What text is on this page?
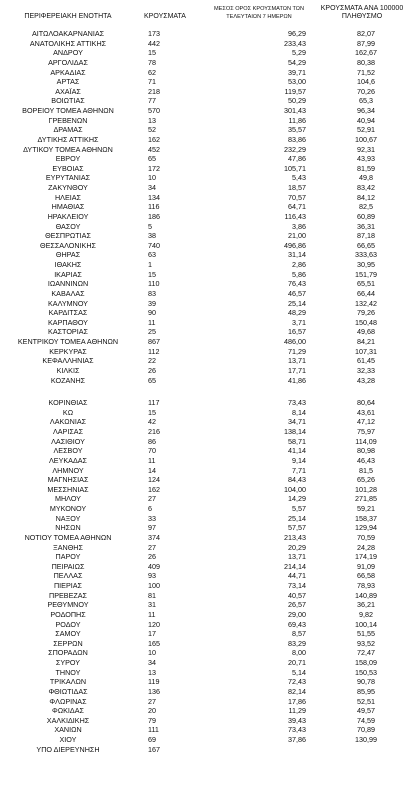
ΠΕΡΙΦΕΡΕΙΑΚΗ ΕΝΟΤΗΤΑ	ΚΡΟΥΣΜΑΤΑ
ΜΕΣΟΣ ΟΡΟΣ ΚΡΟΥΣΜΑΤΩΝ ΤΩΝ ΤΕΛΕΥΤΑΙΩΝ 7 ΗΜΕΡΩΝ
ΚΡΟΥΣΜΑΤΑ ΑΝΑ 100000 ΠΛΗΘΥΣΜΟ
ΑΙΤΩΛΟΑΚΑΡΝΑΝΙΑΣ	173	96,29	82,07
ΑΝΑΤΟΛΙΚΗΣ ΑΤΤΙΚΗΣ	442	233,43	87,99
ΑΝΔΡΟΥ	15	5,29	162,67
ΑΡΓΟΛΙΔΑΣ	78	54,29	80,38
ΑΡΚΑΔΙΑΣ	62	39,71	71,52
ΑΡΤΑΣ	71	53,00	104,6
ΑΧΑΪΑΣ	218	119,57	70,26
ΒΟΙΩΤΙΑΣ	77	50,29	65,3
ΒΟΡΕΙΟΥ ΤΟΜΕΑ ΑΘΗΝΩΝ	570	301,43	96,34
ΓΡΕΒΕΝΩΝ	13	11,86	40,94
ΔΡΑΜΑΣ	52	35,57	52,91
ΔΥΤΙΚΗΣ ΑΤΤΙΚΗΣ	162	83,86	100,67
ΔΥΤΙΚΟΥ ΤΟΜΕΑ ΑΘΗΝΩΝ	452	232,29	92,31
ΕΒΡΟΥ	65	47,86	43,93
ΕΥΒΟΙΑΣ	172	105,71	81,59
ΕΥΡΥΤΑΝΙΑΣ	10	5,43	49,8
ΖΑΚΥΝΘΟΥ	34	18,57	83,42
ΗΛΕΙΑΣ	134	70,57	84,12
ΗΜΑΘΙΑΣ	116	64,71	82,5
ΗΡΑΚΛΕΙΟΥ	186	116,43	60,89
ΘΑΣΟΥ	5	3,86	36,31
ΘΕΣΠΡΩΤΙΑΣ	38	21,00	87,18
ΘΕΣΣΑΛΟΝΙΚΗΣ	740	496,86	66,65
ΘΗΡΑΣ	63	31,14	333,63
ΙΘΑΚΗΣ	1	2,86	30,95
ΙΚΑΡΙΑΣ	15	5,86	151,79
ΙΩΑΝΝΙΝΩΝ	110	76,43	65,51
ΚΑΒΑΛΑΣ	83	46,57	66,44
ΚΑΛΥΜΝΟΥ	39	25,14	132,42
ΚΑΡΔΙΤΣΑΣ	90	48,29	79,26
ΚΑΡΠΑΘΟΥ	11	3,71	150,48
ΚΑΣΤΟΡΙΑΣ	25	16,57	49,68
ΚΕΝΤΡΙΚΟΥ ΤΟΜΕΑ ΑΘΗΝΩΝ	867	486,00	84,21
ΚΕΡΚΥΡΑΣ	112	71,29	107,31
ΚΕΦΑΛΛΗΝΙΑΣ	22	13,71	61,45
ΚΙΛΚΙΣ	26	17,71	32,33
ΚΟΖΑΝΗΣ	65	41,86	43,28
ΚΟΡΙΝΘΙΑΣ	117	73,43	80,64
ΚΩ	15	8,14	43,61
ΛΑΚΩΝΙΑΣ	42	34,71	47,12
ΛΑΡΙΣΑΣ	216	138,14	75,97
ΛΑΣΙΘΙΟΥ	86	58,71	114,09
ΛΕΣΒΟΥ	70	41,14	80,98
ΛΕΥΚΑΔΑΣ	11	9,14	46,43
ΛΗΜΝΟΥ	14	7,71	81,5
ΜΑΓΝΗΣΙΑΣ	124	84,43	65,26
ΜΕΣΣΗΝΙΑΣ	162	104,00	101,28
ΜΗΛΟΥ	27	14,29	271,85
ΜΥΚΟΝΟΥ	6	5,57	59,21
ΝΑΞΟΥ	33	25,14	158,37
ΝΗΣΩΝ	97	57,57	129,94
ΝΟΤΙΟΥ ΤΟΜΕΑ ΑΘΗΝΩΝ	374	213,43	70,59
ΞΑΝΘΗΣ	27	20,29	24,28
ΠΑΡΟΥ	26	13,71	174,19
ΠΕΙΡΑΙΩΣ	409	214,14	91,09
ΠΕΛΛΑΣ	93	44,71	66,58
ΠΙΕΡΙΑΣ	100	73,14	78,93
ΠΡΕΒΕΖΑΣ	81	40,57	140,89
ΡΕΘΥΜΝΟΥ	31	26,57	36,21
ΡΟΔΟΠΗΣ	11	29,00	9,82
ΡΟΔΟΥ	120	69,43	100,14
ΣΑΜΟΥ	17	8,57	51,55
ΣΕΡΡΩΝ	165	83,29	93,52
ΣΠΟΡΑΔΩΝ	10	8,00	72,47
ΣΥΡΟΥ	34	20,71	158,09
ΤΗΝΟΥ	13	5,14	150,53
ΤΡΙΚΑΛΩΝ	119	72,43	90,78
ΦΘΙΩΤΙΔΑΣ	136	82,14	85,95
ΦΛΩΡΙΝΑΣ	27	17,86	52,51
ΦΩΚΙΔΑΣ	20	11,29	49,57
ΧΑΛΚΙΔΙΚΗΣ	79	39,43	74,59
ΧΑΝΙΩΝ	111	73,43	70,89
ΧΙΟΥ	69	37,86	130,99
ΥΠΟ ΔΙΕΡΕΥΝΗΣΗ	167
